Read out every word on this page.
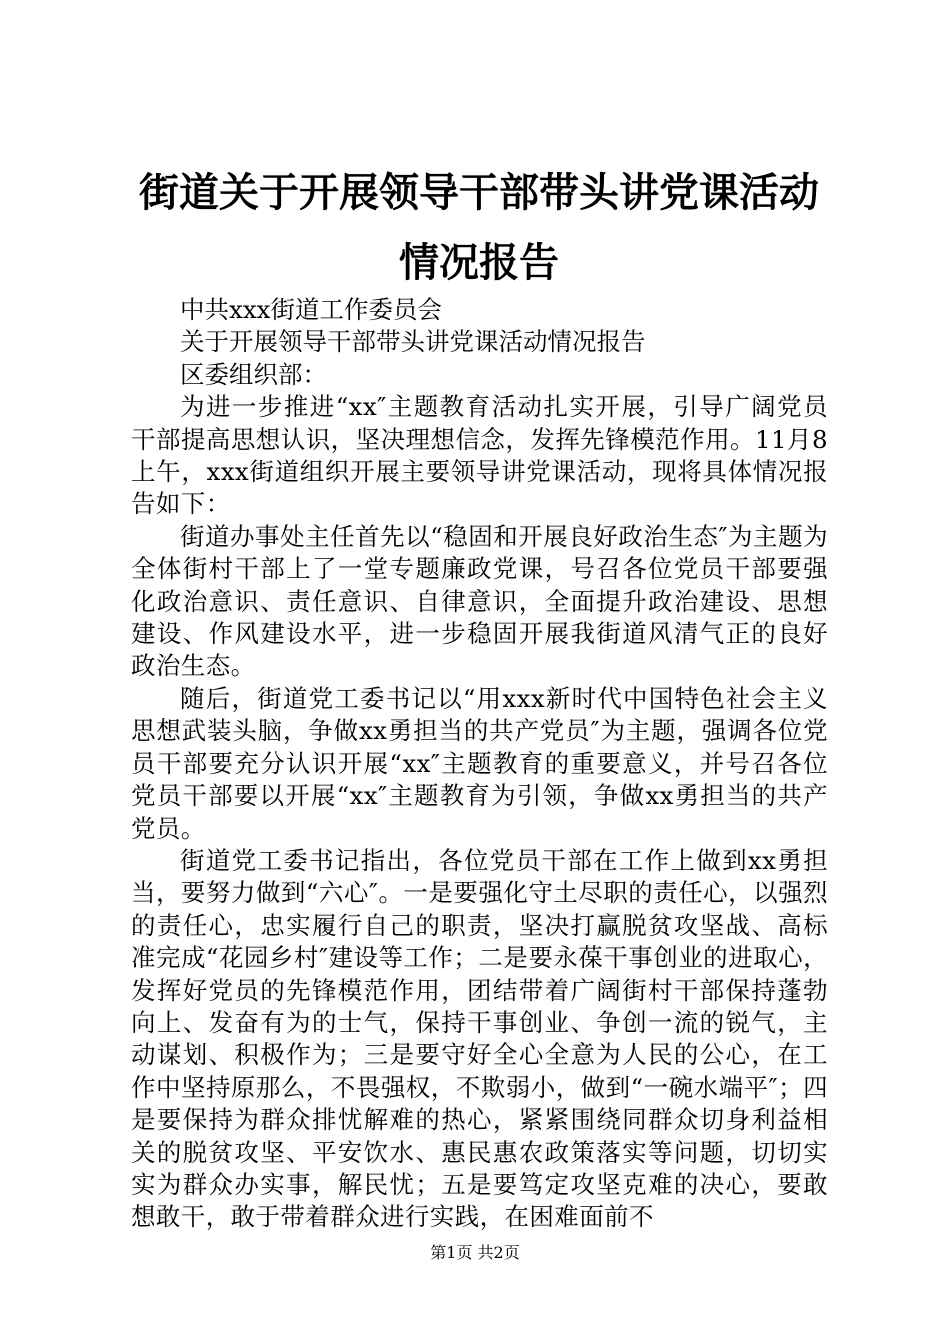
街道关于开展领导干部带头讲党课活动情况报告

中共xxx街道工作委员会

关于开展领导干部带头讲党课活动情况报告

区委组织部：

为进一步推进“xx″主题教育活动扎实开展，引导广阔党员干部提高思想认识，坚决理想信念，发挥先锋模范作用。11月8上午，xxx街道组织开展主要领导讲党课活动，现将具体情况报告如下：

街道办事处主任首先以“稳固和开展良好政治生态″为主题为全体街村干部上了一堂专题廉政党课，号召各位党员干部要强化政治意识、责任意识、自律意识，全面提升政治建设、思想建设、作风建设水平，进一步稳固开展我街道风清气正的良好政治生态。

随后，街道党工委书记以“用xxx新时代中国特色社会主义思想武装头脑，争做xx勇担当的共产党员″为主题，强调各位党员干部要充分认识开展“xx″主题教育的重要意义，并号召各位党员干部要以开展“xx″主题教育为引领，争做xx勇担当的共产党员。

街道党工委书记指出，各位党员干部在工作上做到xx勇担当，要努力做到“六心″。一是要强化守土尽职的责任心，以强烈的责任心，忠实履行自己的职责，坚决打赢脱贫攻坚战、高标准完成“花园乡村″建设等工作；二是要永葆干事创业的进取心，发挥好党员的先锋模范作用，团结带着广阔街村干部保持蓬勃向上、发奋有为的士气，保持干事创业、争创一流的锐气，主动谋划、积极作为；三是要守好全心全意为人民的公心，在工作中坚持原那么，不畏强权，不欺弱小，做到“一碗水端平″；四是要保持为群众排忧解难的热心，紧紧围绕同群众切身利益相关的脱贫攻坚、平安饮水、惠民惠农政策落实等问题，切切实实为群众办实事，解民忧；五是要笃定攻坚克难的决心，要敢想敢干，敢于带着群众进行实践，在困难面前不

第1页 共2页
